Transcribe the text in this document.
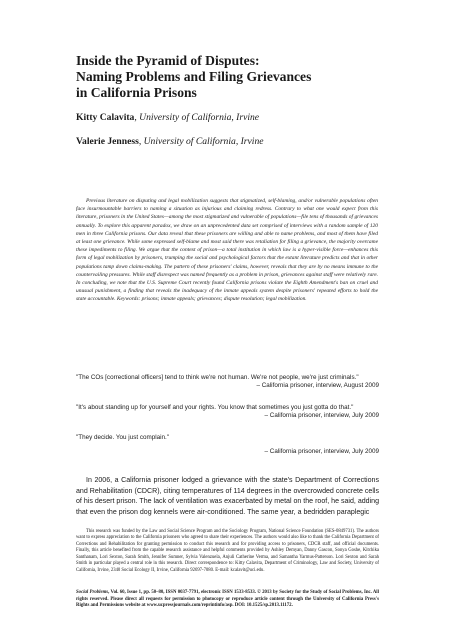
Inside the Pyramid of Disputes:
Naming Problems and Filing Grievances
in California Prisons
Kitty Calavita, University of California, Irvine
Valerie Jenness, University of California, Irvine

Previous literature on disputing and legal mobilization suggests that stigmatized, self-blaming, and/or vulnerable populations often face insurmountable barriers to naming a situation as injurious and claiming redress. Contrary to what one would expect from this literature, prisoners in the United States—among the most stigmatized and vulnerable of populations—file tens of thousands of grievances annually. To explore this apparent paradox, we draw on an unprecedented data set comprised of interviews with a random sample of 120 men in three California prisons. Our data reveal that these prisoners are willing and able to name problems, and most of them have filed at least one grievance. While some expressed self-blame and most said there was retaliation for filing a grievance, the majority overcame these impediments to filing. We argue that the context of prison—a total institution in which law is a hyper-visible force—enhances this form of legal mobilization by prisoners, trumping the social and psychological factors that the extant literature predicts and that in other populations tamp down claims-making. The pattern of these prisoners' claims, however, reveals that they are by no means immune to the countervailing pressures. While staff disrespect was named frequently as a problem in prison, grievances against staff were relatively rare. In concluding, we note that the U.S. Supreme Court recently found California prisons violate the Eighth Amendment's ban on cruel and unusual punishment, a finding that reveals the inadequacy of the inmate appeals system despite prisoners' repeated efforts to hold the state accountable. Keywords: prisons; inmate appeals; grievances; dispute resolution; legal mobilization.

"The COs [correctional officers] tend to think we're not human. We're not people, we're just criminals."
– California prisoner, interview, August 2009
"It's about standing up for yourself and your rights. You know that sometimes you just gotta do that."
– California prisoner, interview, July 2009
"They decide. You just complain."
– California prisoner, interview, July 2009

In 2006, a California prisoner lodged a grievance with the state's Department of Corrections and Rehabilitation (CDCR), citing temperatures of 114 degrees in the overcrowded concrete cells of his desert prison. The lack of ventilation was exacerbated by metal on the roof, he said, adding that even the prison dog kennels were air-conditioned. The same year, a bedridden paraplegic

This research was funded by the Law and Social Science Program and the Sociology Program, National Science Foundation (SES-0849731). The authors want to express appreciation to the California prisoners who agreed to share their experiences. The authors would also like to thank the California Department of Corrections and Rehabilitation for granting permission to conduct this research and for providing access to prisoners, CDCR staff, and official documents. Finally, this article benefited from the capable research assistance and helpful comments provided by Ashley Demyan, Danny Gascon, Sonya Goshe, Kitchika Santhanam, Lori Sexton, Sarah Smith, Jennifer Sumner, Sylvia Valenzuela, Anjuli Catherine Verma, and Samantha Yarmus-Patterson. Lori Sexton and Sarah Smith in particular played a central role in this research. Direct correspondence to: Kitty Calavita, Department of Criminology, Law and Society, University of California, Irvine, 2340 Social Ecology II, Irvine, California 92697-7080. E-mail: kcalavit@uci.edu.

Social Problems, Vol. 60, Issue 1, pp. 50–80, ISSN 0037-7791, electronic ISSN 1533-8533. © 2013 by Society for the Study of Social Problems, Inc. All rights reserved. Please direct all requests for permission to photocopy or reproduce article content through the University of California Press's Rights and Permissions website at www.ucpressjournals.com/reprintinfo/asp. DOI: 10.1525/sp.2013.11172.
